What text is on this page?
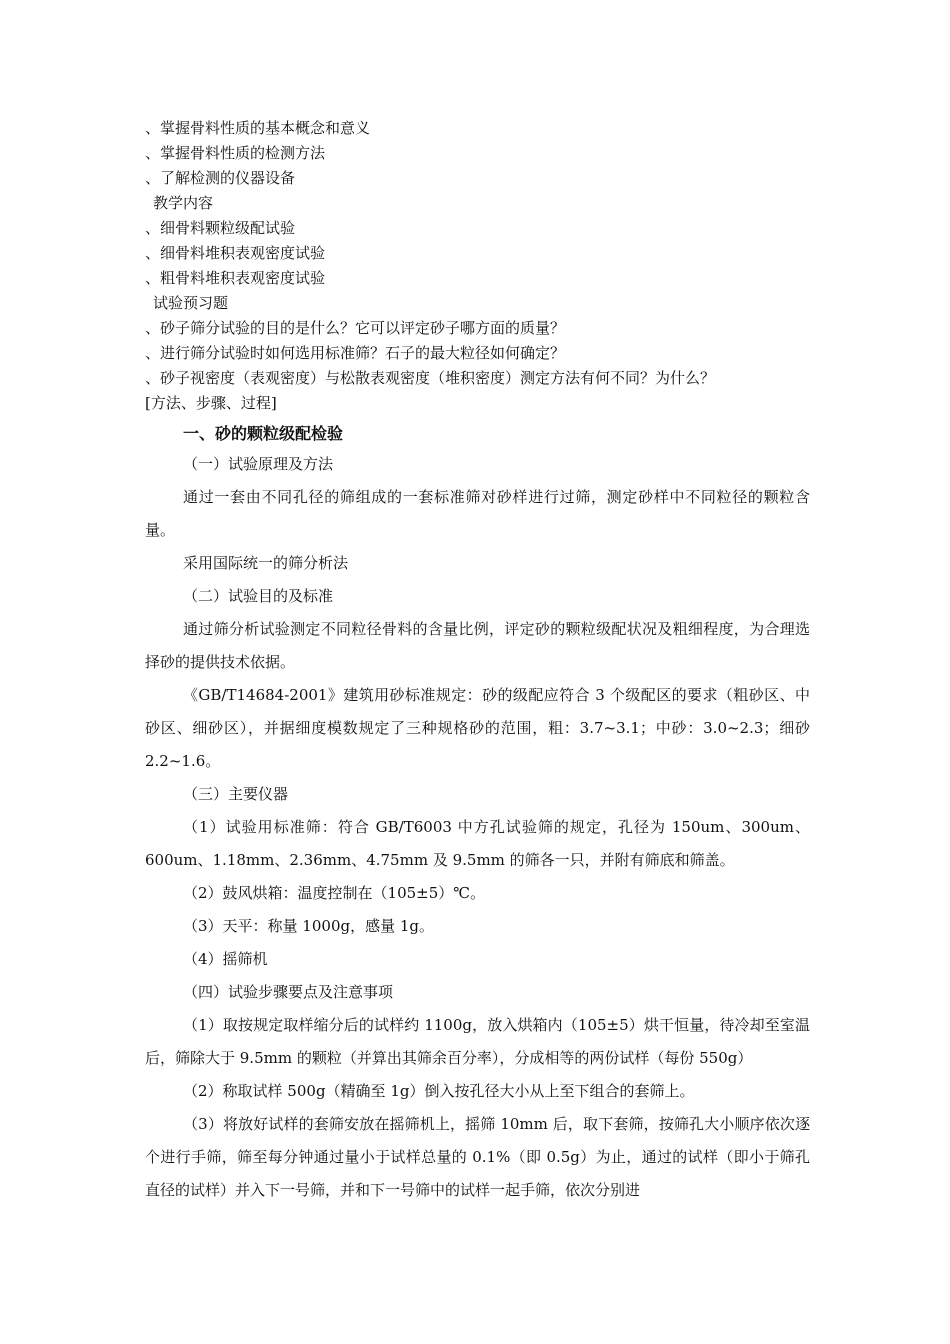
、掌握骨料性质的基本概念和意义
、掌握骨料性质的检测方法
、了解检测的仪器设备
教学内容
、细骨料颗粒级配试验
、细骨料堆积表观密度试验
、粗骨料堆积表观密度试验
试验预习题
、砂子筛分试验的目的是什么？它可以评定砂子哪方面的质量？
、进行筛分试验时如何选用标准筛？石子的最大粒径如何确定？
、砂子视密度（表观密度）与松散表观密度（堆积密度）测定方法有何不同？为什么？
[方法、步骤、过程]
一、砂的颗粒级配检验
（一）试验原理及方法
通过一套由不同孔径的筛组成的一套标准筛对砂样进行过筛，测定砂样中不同粒径的颗粒含量。
采用国际统一的筛分析法
（二）试验目的及标准
通过筛分析试验测定不同粒径骨料的含量比例，评定砂的颗粒级配状况及粗细程度，为合理选择砂的提供技术依据。
《GB/T14684-2001》建筑用砂标准规定：砂的级配应符合 3 个级配区的要求（粗砂区、中砂区、细砂区），并据细度模数规定了三种规格砂的范围，粗：3.7~3.1；中砂：3.0~2.3；细砂 2.2~1.6。
（三）主要仪器
（1）试验用标准筛：符合 GB/T6003 中方孔试验筛的规定，孔径为 150um、300um、600um、1.18mm、2.36mm、4.75mm 及 9.5mm 的筛各一只，并附有筛底和筛盖。
（2）鼓风烘箱：温度控制在（105±5）℃。
（3）天平：称量 1000g，感量 1g。
（4）摇筛机
（四）试验步骤要点及注意事项
（1）取按规定取样缩分后的试样约 1100g，放入烘箱内（105±5）烘干恒量，待冷却至室温后，筛除大于 9.5mm 的颗粒（并算出其筛余百分率），分成相等的两份试样（每份 550g）
（2）称取试样 500g（精确至 1g）倒入按孔径大小从上至下组合的套筛上。
（3）将放好试样的套筛安放在摇筛机上，摇筛 10mm 后，取下套筛，按筛孔大小顺序依次逐个进行手筛，筛至每分钟通过量小于试样总量的 0.1%（即 0.5g）为止，通过的试样（即小于筛孔直径的试样）并入下一号筛，并和下一号筛中的试样一起手筛，依次分别进
